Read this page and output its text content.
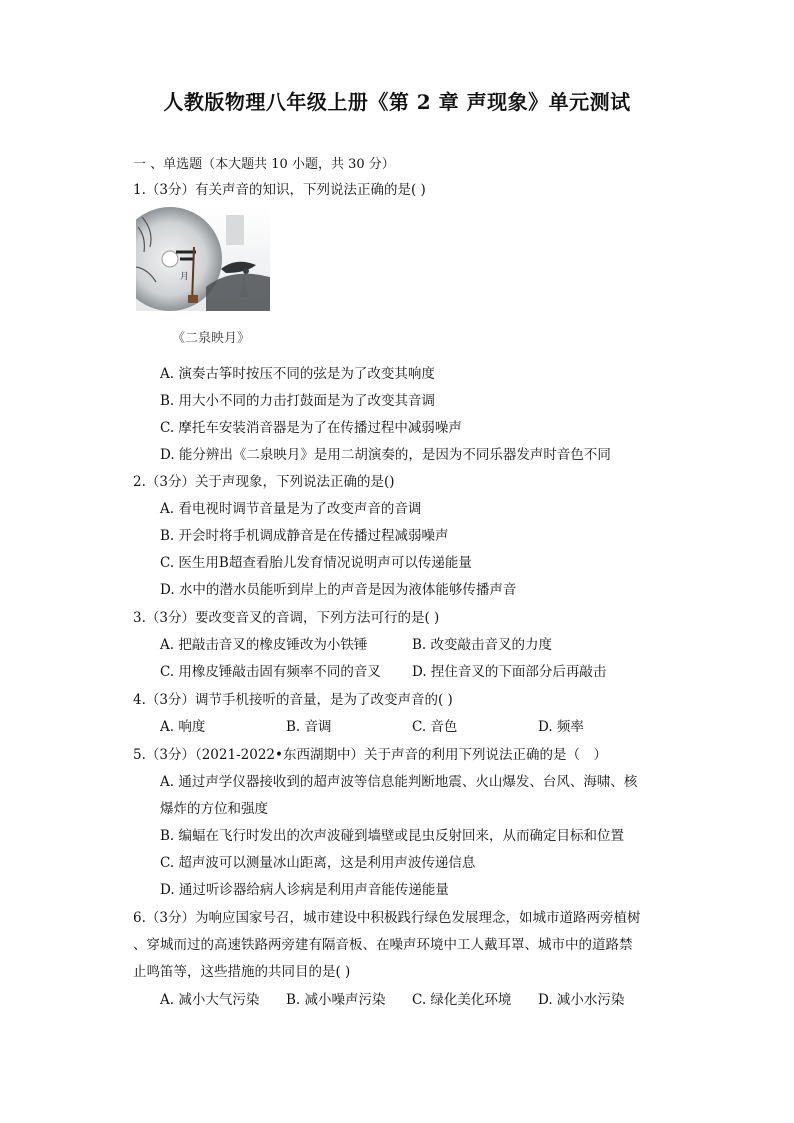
人教版物理八年级上册《第 2 章 声现象》单元测试
一 、单选题（本大题共 10 小题，共 30 分）
1.（3分）有关声音的知识，下列说法正确的是( )
月
《二泉映月》
A. 演奏古筝时按压不同的弦是为了改变其响度
B. 用大小不同的力击打鼓面是为了改变其音调
C. 摩托车安装消音器是为了在传播过程中减弱噪声
D. 能分辨出《二泉映月》是用二胡演奏的，是因为不同乐器发声时音色不同
2.（3分）关于声现象，下列说法正确的是()
A. 看电视时调节音量是为了改变声音的音调
B. 开会时将手机调成静音是在传播过程减弱噪声
C. 医生用B超查看胎儿发育情况说明声可以传递能量
D. 水中的潜水员能听到岸上的声音是因为液体能够传播声音
3.（3分）要改变音叉的音调，下列方法可行的是( )
A. 把敲击音叉的橡皮锤改为小铁锤	B. 改变敲击音叉的力度
C. 用橡皮锤敲击固有频率不同的音叉 D. 捏住音叉的下面部分后再敲击
4.（3分）调节手机接听的音量，是为了改变声音的( )
A. 响度	B. 音调	C. 音色	D. 频率
5.（3分）（2021-2022•东西湖期中）关于声音的利用下列说法正确的是（　）
A. 通过声学仪器接收到的超声波等信息能判断地震、火山爆发、台风、海啸、核
爆炸的方位和强度
B. 编蝠在飞行时发出的次声波碰到墙壁或昆虫反射回来，从而确定目标和位置
C. 超声波可以测量冰山距离，这是利用声波传递信息
D. 通过听诊器给病人诊病是利用声音能传递能量
6.（3分）为响应国家号召，城市建设中积极践行绿色发展理念，如城市道路两旁植树
、穿城而过的高速铁路两旁建有隔音板、在噪声环境中工人戴耳罩、城市中的道路禁
止鸣笛等，这些措施的共同目的是( )
A. 减小大气污染 B. 减小噪声污染 C. 绿化美化环境 D. 减小水污染
